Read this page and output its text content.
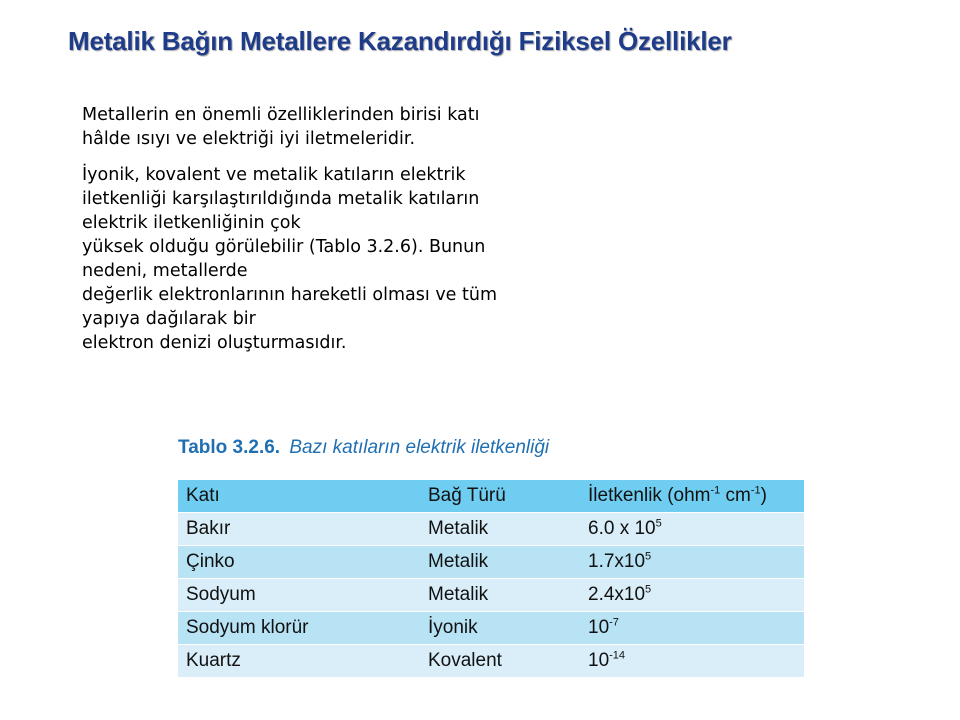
Metalik Bağın Metallere Kazandırdığı Fiziksel Özellikler
Metallerin en önemli özelliklerinden birisi katı
hâlde ısıyı ve elektriği iyi iletmeleridir.
İyonik, kovalent ve metalik katıların elektrik
iletkenliği karşılaştırıldığında metalik katıların
elektrik iletkenliğinin çok
yüksek olduğu görülebilir (Tablo 3.2.6). Bunun
nedeni, metallerde
değerlik elektronlarının hareketli olması ve tüm
yapıya dağılarak bir
elektron denizi oluşturmasıdır.
Tablo 3.2.6. Bazı katıların elektrik iletkenliği
Katı	Bağ Türü	İletkenlik (ohm$^{-1}$ $cm^{-1}$)
Bakır	Metalik	6.0 x $10^5$
Çinko	Metalik	$1.7x10^5$
Sodyum	Metalik	$2.4x10^5$
Sodyum klorür	İyonik	$10^{-7}$
Kuartz	Kovalent	$10^{-14}$
